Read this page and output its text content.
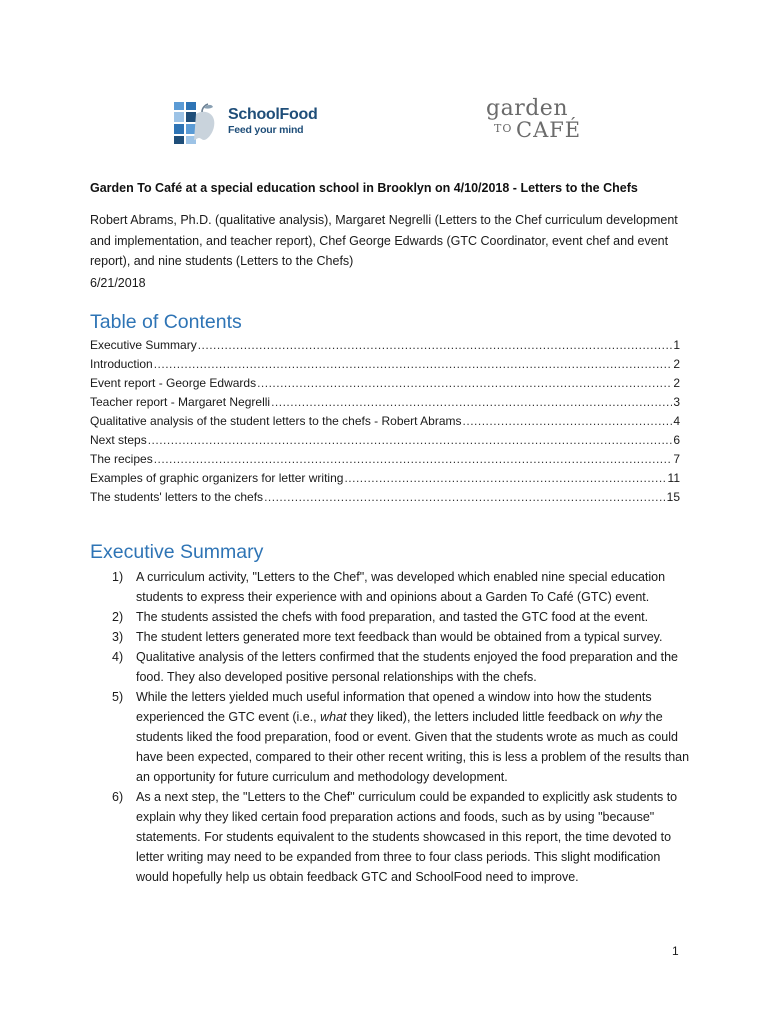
SchoolFood
Feed your mind
garden
TO CAFÉ
Garden To Café at a special education school in Brooklyn on 4/10/2018 - Letters to the Chefs
Robert Abrams, Ph.D. (qualitative analysis), Margaret Negrelli (Letters to the Chef curriculum development and implementation, and teacher report), Chef George Edwards (GTC Coordinator, event chef and event report), and nine students (Letters to the Chefs)
6/21/2018
Table of Contents
Executive Summary .....	1
Introduction .....	2
Event report - George Edwards .....	2
Teacher report - Margaret Negrelli .....	3
Qualitative analysis of the student letters to the chefs - Robert Abrams .....	4
Next steps .....	6
The recipes .....	7
Examples of graphic organizers for letter writing .....	11
The students' letters to the chefs .....	15
Executive Summary
1) A curriculum activity, "Letters to the Chef", was developed which enabled nine special education students to express their experience with and opinions about a Garden To Café (GTC) event.
2) The students assisted the chefs with food preparation, and tasted the GTC food at the event.
3) The student letters generated more text feedback than would be obtained from a typical survey.
4) Qualitative analysis of the letters confirmed that the students enjoyed the food preparation and the food. They also developed positive personal relationships with the chefs.
5) While the letters yielded much useful information that opened a window into how the students experienced the GTC event (i.e., what they liked), the letters included little feedback on why the students liked the food preparation, food or event. Given that the students wrote as much as could have been expected, compared to their other recent writing, this is less a problem of the results than an opportunity for future curriculum and methodology development.
6) As a next step, the "Letters to the Chef" curriculum could be expanded to explicitly ask students to explain why they liked certain food preparation actions and foods, such as by using "because" statements. For students equivalent to the students showcased in this report, the time devoted to letter writing may need to be expanded from three to four class periods. This slight modification would hopefully help us obtain feedback GTC and SchoolFood need to improve.
1
